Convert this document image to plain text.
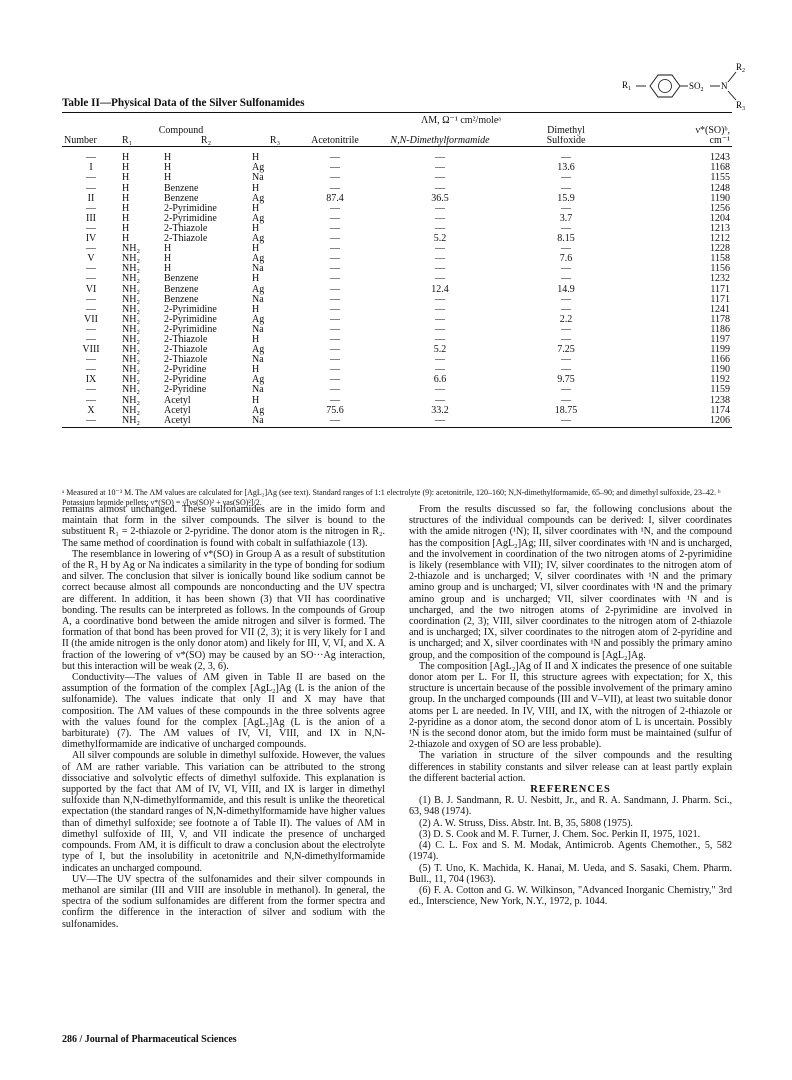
$R_1$	$SO_2$ N
$R_2$
$R_3$
Table II—Physical Data of the Silver Sulfonamides
				ΛM, Ω⁻¹ cm²/moleᵃ			
Compound						Dimethyl	ν*(SO)ᵇ,
Number	R₁	R₂	R₃	Acetonitrile	N,N-Dimethylformamide	Sulfoxide	cm⁻¹
—	H	H	H	—	—	—	1243
I	H	H	Ag	—	—	13.6	1168
—	H	H	Na	—	—	—	1155
—	H	Benzene	H	—	—	—	1248
II	H	Benzene	Ag	87.4	36.5	15.9	1190
—	H	2-Pyrimidine	H	—	—	—	1256
III	H	2-Pyrimidine	Ag	—	—	3.7	1204
—	H	2-Thiazole	H	—	—	—	1213
IV	H	2-Thiazole	Ag	—	5.2	8.15	1212
—	NH₂	H	H	—	—	—	1228
V	NH₂	H	Ag	—	—	7.6	1158
—	NH₂	H	Na	—	—	—	1156
—	NH₂	Benzene	H	—	—	—	1232
VI	NH₂	Benzene	Ag	—	12.4	14.9	1171
—	NH₂	Benzene	Na	—	—	—	1171
—	NH₂	2-Pyrimidine	H	—	—	—	1241
VII	NH₂	2-Pyrimidine	Ag	—	—	2.2	1178
—	NH₂	2-Pyrimidine	Na	—	—	—	1186
—	NH₂	2-Thiazole	H	—	—	—	1197
VIII	NH₂	2-Thiazole	Ag	—	5.2	7.25	1199
—	NH₂	2-Thiazole	Na	—	—	—	1166
—	NH₂	2-Pyridine	H	—	—	—	1190
IX	NH₂	2-Pyridine	Ag	—	6.6	9.75	1192
—	NH₂	2-Pyridine	Na	—	—	—	1159
—	NH₂	Acetyl	H	—	—	—	1238
X	NH₂	Acetyl	Ag	75.6	33.2	18.75	1174
—	NH₂	Acetyl	Na	—	—	—	1206
ᵃ Measured at 10⁻³ M. The ΛM values are calculated for [AgL₂]Ag (see text). Standard ranges of 1:1 electrolyte (9): acetonitrile, 120–160; N,N-dimethylformamide, 65–90; and dimethyl sulfoxide, 23–42. ᵇ Potassium bromide pellets; ν*(SO) = √[νs(SO)² + νas(SO)²]/2.

remains almost unchanged. These sulfonamides are in the imido form and maintain that form in the silver compounds. The silver is bound to the substituent R₁ = 2-thiazole or 2-pyridine. The donor atom is the nitrogen in R₂. The same method of coordination is found with cobalt in sulfathiazole (13).

The resemblance in lowering of ν*(SO) in Group A as a result of substitution of the R₃ H by Ag or Na indicates a similarity in the type of bonding for sodium and silver. The conclusion that silver is ionically bound like sodium cannot be correct because almost all compounds are nonconducting and the UV spectra are different. In addition, it has been shown (3) that VII has coordinative bonding. The results can be interpreted as follows. In the compounds of Group A, a coordinative bond between the amide nitrogen and silver is formed. The formation of that bond has been proved for VII (2, 3); it is very likely for I and II (the amide nitrogen is the only donor atom) and likely for III, V, VI, and X. A fraction of the lowering of ν*(SO) may be caused by an SO···Ag interaction, but this interaction will be weak (2, 3, 6).

Conductivity—The values of ΛM given in Table II are based on the assumption of the formation of the complex [AgL₂]Ag (L is the anion of the sulfonamide). The values indicate that only II and X may have that composition. The ΛM values of these compounds in the three solvents agree with the values found for the complex [AgL₂]Ag (L is the anion of a barbiturate) (7). The ΛM values of IV, VI, VIII, and IX in N,N-dimethylformamide are indicative of uncharged compounds.

All silver compounds are soluble in dimethyl sulfoxide. However, the values of ΛM are rather variable. This variation can be attributed to the strong dissociative and solvolytic effects of dimethyl sulfoxide. This explanation is supported by the fact that ΛM of IV, VI, VIII, and IX is larger in dimethyl sulfoxide than N,N-dimethylformamide, and this result is unlike the theoretical expectation (the standard ranges of N,N-dimethylformamide have higher values than of dimethyl sulfoxide; see footnote a of Table II). The values of ΛM in dimethyl sulfoxide of III, V, and VII indicate the presence of uncharged compounds. From ΛM, it is difficult to draw a conclusion about the electrolyte type of I, but the insolubility in acetonitrile and N,N-dimethylformamide indicates an uncharged compound.

UV—The UV spectra of the sulfonamides and their silver compounds in methanol are similar (III and VIII are insoluble in methanol). In general, the spectra of the sodium sulfonamides are different from the former spectra and confirm the difference in the interaction of silver and sodium with the sulfonamides.

From the results discussed so far, the following conclusions about the structures of the individual compounds can be derived: I, silver coordinates with the amide nitrogen (¹N); II, silver coordinates with ¹N, and the compound has the composition [AgL₂]Ag; III, silver coordinates with ¹N and is uncharged, and the involvement in coordination of the two nitrogen atoms of 2-pyrimidine is likely (resemblance with VII); IV, silver coordinates to the nitrogen atom of 2-thiazole and is uncharged; V, silver coordinates with ¹N and the primary amino group and is uncharged; VI, silver coordinates with ¹N and the primary amino group and is uncharged; VII, silver coordinates with ¹N and is uncharged, and the two nitrogen atoms of 2-pyrimidine are involved in coordination (2, 3); VIII, silver coordinates to the nitrogen atom of 2-thiazole and is uncharged; IX, silver coordinates to the nitrogen atom of 2-pyridine and is uncharged; and X, silver coordinates with ¹N and possibly the primary amino group, and the composition of the compound is [AgL₂]Ag.

The composition [AgL₂]Ag of II and X indicates the presence of one suitable donor atom per L. For II, this structure agrees with expectation; for X, this structure is uncertain because of the possible involvement of the primary amino group. In the uncharged compounds (III and V–VII), at least two suitable donor atoms per L are needed. In IV, VIII, and IX, with the nitrogen of 2-thiazole or 2-pyridine as a donor atom, the second donor atom of L is uncertain. Possibly ¹N is the second donor atom, but the imido form must be maintained (sulfur of 2-thiazole and oxygen of SO are less probable).

The variation in structure of the silver compounds and the resulting differences in stability constants and silver release can at least partly explain the different bacterial action.

REFERENCES

(1) B. J. Sandmann, R. U. Nesbitt, Jr., and R. A. Sandmann, J. Pharm. Sci., 63, 948 (1974).

(2) A. W. Struss, Diss. Abstr. Int. B, 35, 5808 (1975).

(3) D. S. Cook and M. F. Turner, J. Chem. Soc. Perkin II, 1975, 1021.

(4) C. L. Fox and S. M. Modak, Antimicrob. Agents Chemother., 5, 582 (1974).

(5) T. Uno, K. Machida, K. Hanai, M. Ueda, and S. Sasaki, Chem. Pharm. Bull., 11, 704 (1963).

(6) F. A. Cotton and G. W. Wilkinson, "Advanced Inorganic Chemistry," 3rd ed., Interscience, New York, N.Y., 1972, p. 1044.

286 / Journal of Pharmaceutical Sciences
